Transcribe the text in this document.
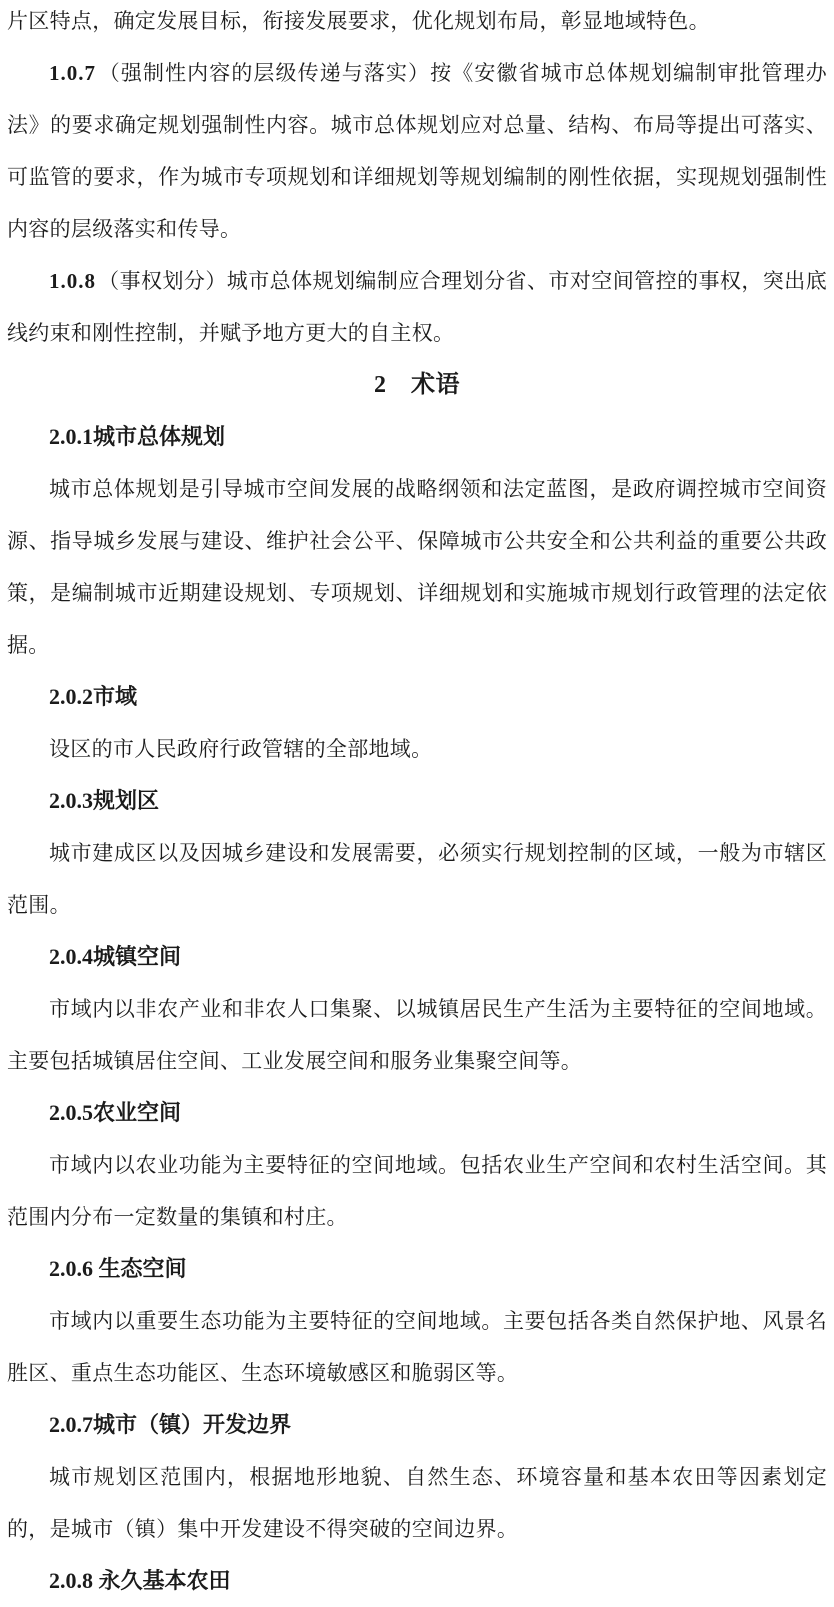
片区特点，确定发展目标，衔接发展要求，优化规划布局，彰显地域特色。

1.0.7（强制性内容的层级传递与落实）按《安徽省城市总体规划编制审批管理办法》的要求确定规划强制性内容。城市总体规划应对总量、结构、布局等提出可落实、可监管的要求，作为城市专项规划和详细规划等规划编制的刚性依据，实现规划强制性内容的层级落实和传导。

1.0.8（事权划分）城市总体规划编制应合理划分省、市对空间管控的事权，突出底线约束和刚性控制，并赋予地方更大的自主权。

2　术语
2.0.1城市总体规划

城市总体规划是引导城市空间发展的战略纲领和法定蓝图，是政府调控城市空间资源、指导城乡发展与建设、维护社会公平、保障城市公共安全和公共利益的重要公共政策，是编制城市近期建设规划、专项规划、详细规划和实施城市规划行政管理的法定依据。

2.0.2市域

设区的市人民政府行政管辖的全部地域。

2.0.3规划区

城市建成区以及因城乡建设和发展需要，必须实行规划控制的区域，一般为市辖区范围。

2.0.4城镇空间

市域内以非农产业和非农人口集聚、以城镇居民生产生活为主要特征的空间地域。主要包括城镇居住空间、工业发展空间和服务业集聚空间等。

2.0.5农业空间

市域内以农业功能为主要特征的空间地域。包括农业生产空间和农村生活空间。其范围内分布一定数量的集镇和村庄。

2.0.6 生态空间

市域内以重要生态功能为主要特征的空间地域。主要包括各类自然保护地、风景名胜区、重点生态功能区、生态环境敏感区和脆弱区等。

2.0.7城市（镇）开发边界

城市规划区范围内，根据地形地貌、自然生态、环境容量和基本农田等因素划定的，是城市（镇）集中开发建设不得突破的空间边界。

2.0.8 永久基本农田
